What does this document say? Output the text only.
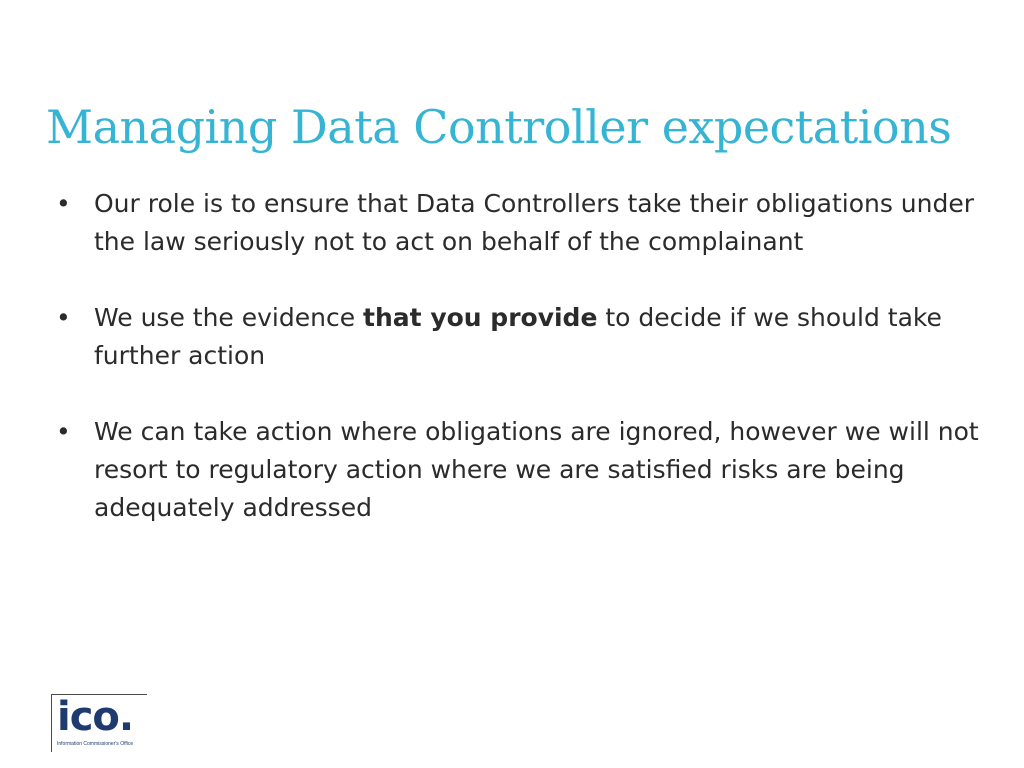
Managing Data Controller expectations
• Our role is to ensure that Data Controllers take their obligations under the law seriously not to act on behalf of the complainant
• We use the evidence that you provide to decide if we should take further action
• We can take action where obligations are ignored, however we will not resort to regulatory action where we are satisfied risks are being adequately addressed
ico.
Information Commissioner's Office
